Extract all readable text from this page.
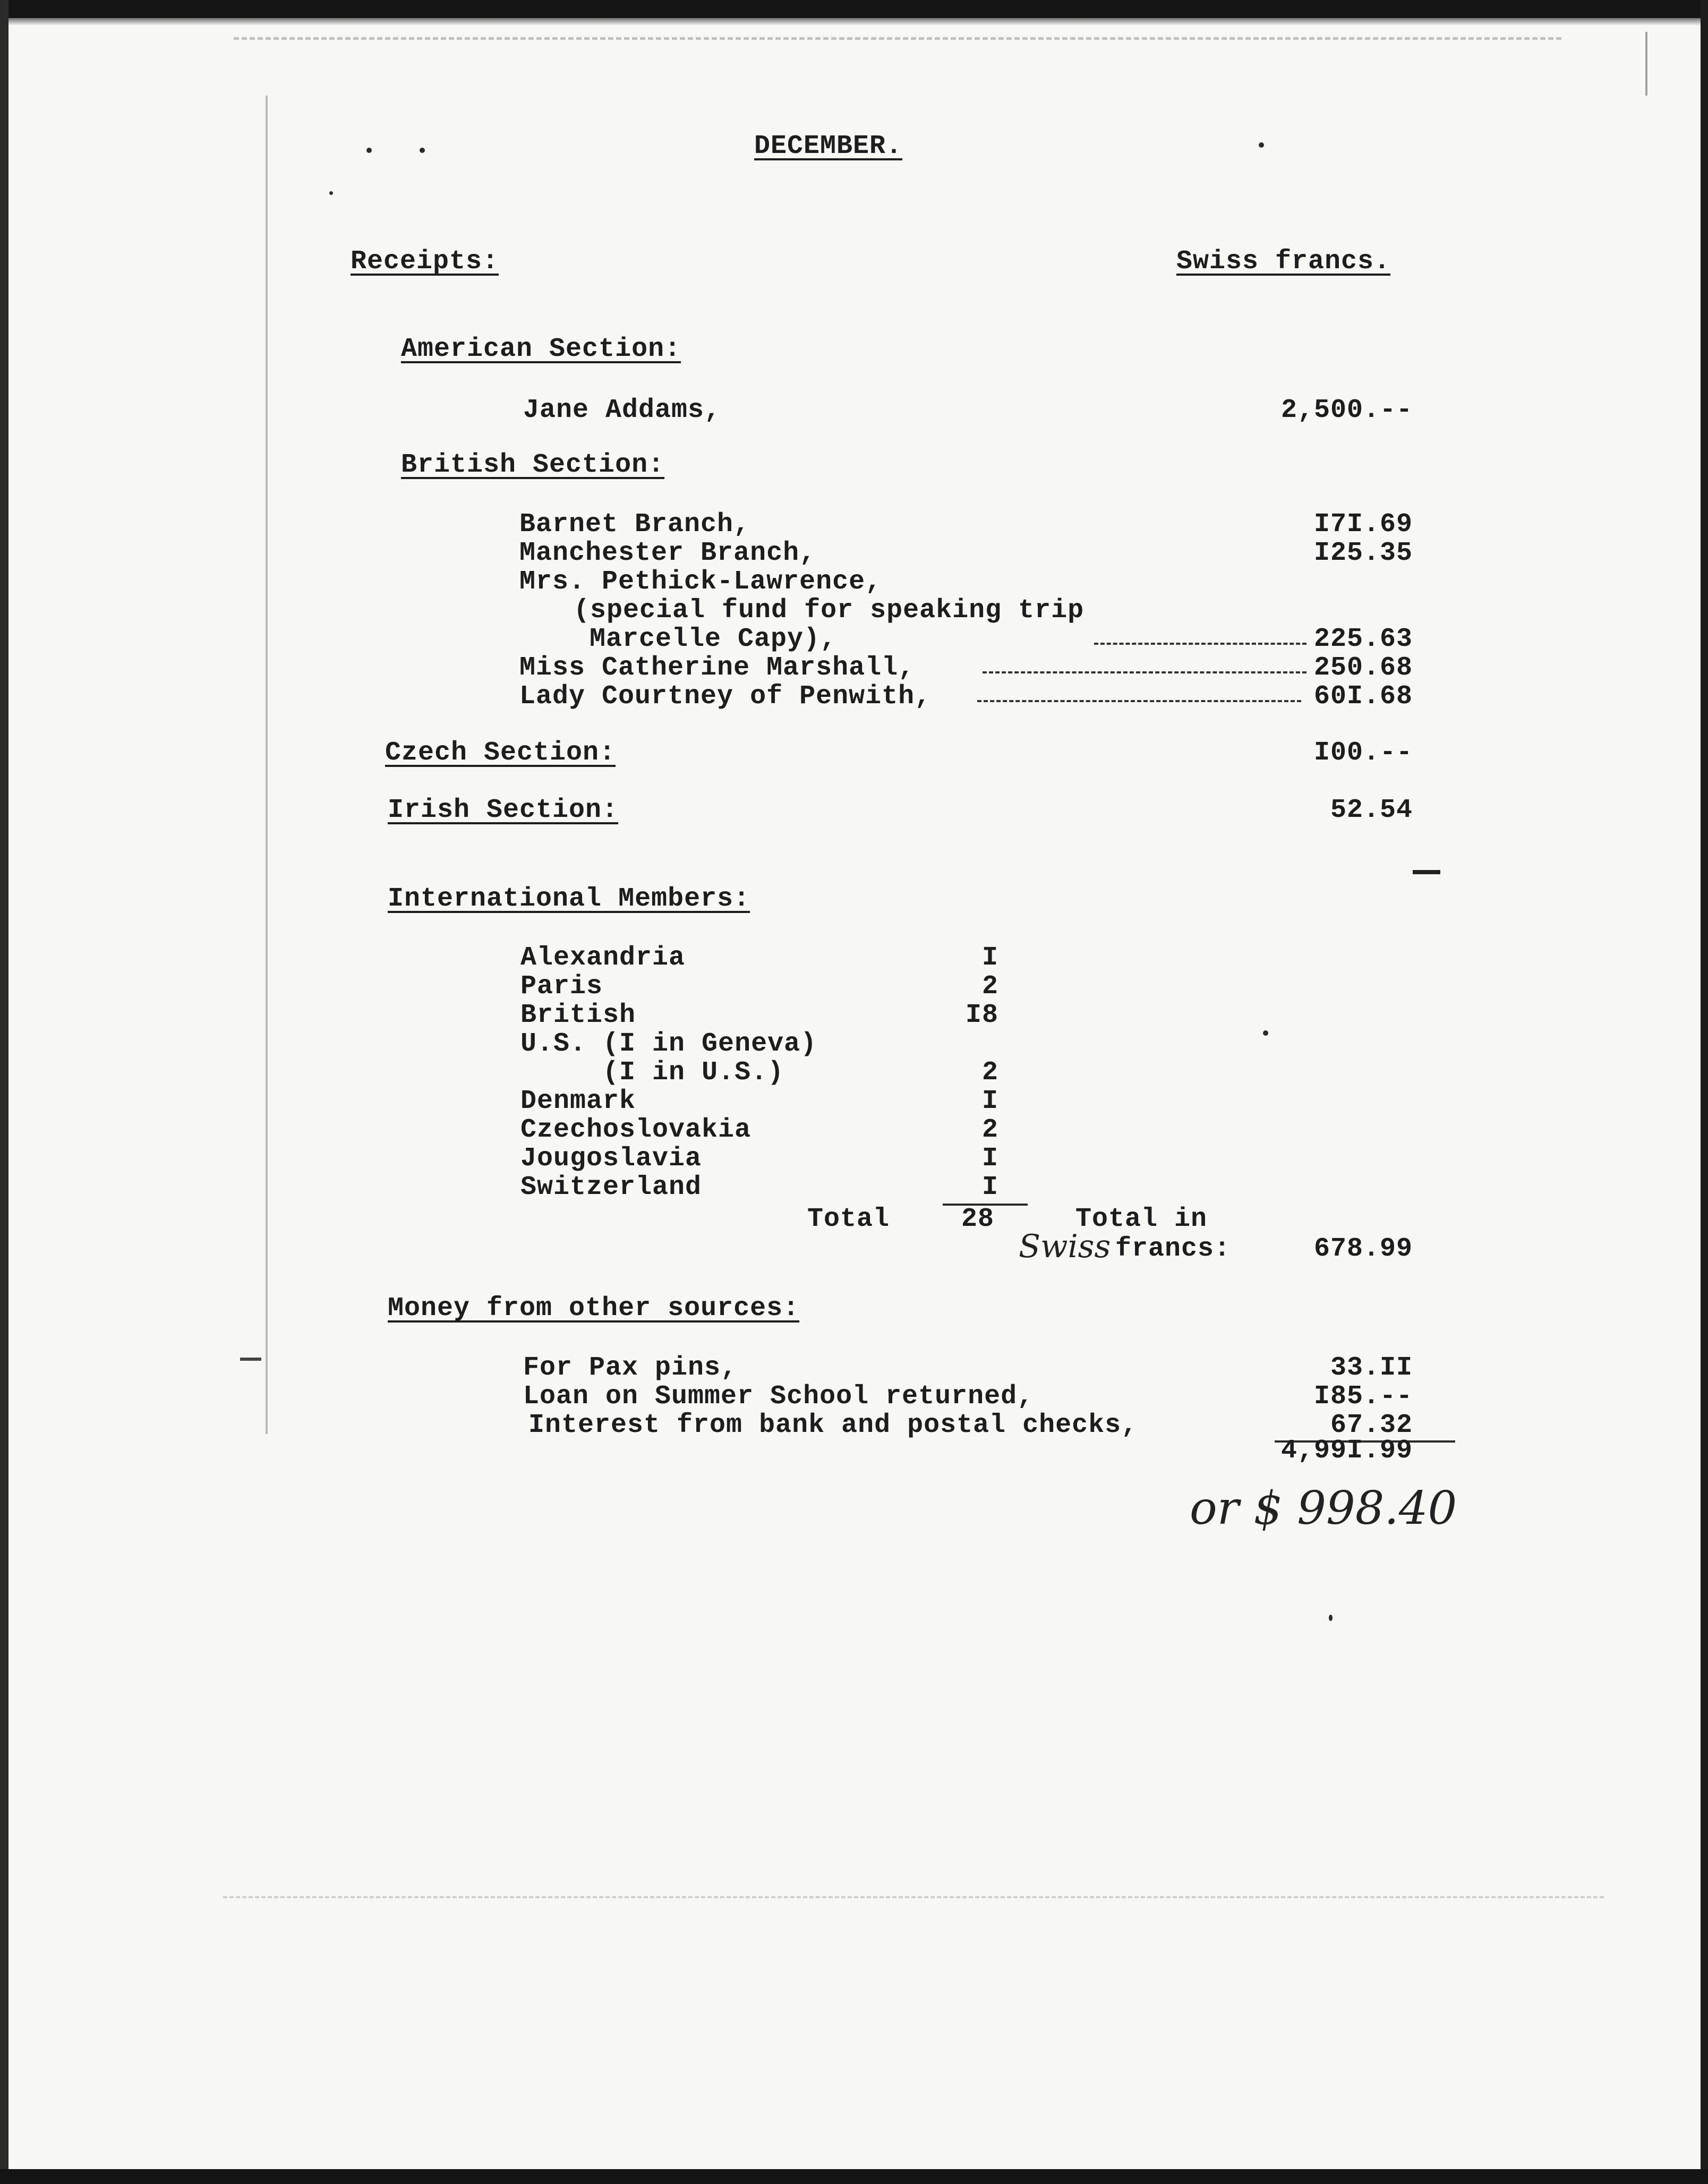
DECEMBER.
Receipts:	Swiss francs.
American Section:
Jane Addams,	2,500.--
British Section:
Barnet Branch,	I7I.69
Manchester Branch,	I25.35
Mrs. Pethick-Lawrence,
(special fund for speaking trip
Marcelle Capy),	225.63
Miss Catherine Marshall,	250.68
Lady Courtney of Penwith,	60I.68
Czech Section:	I00.--
Irish Section:	52.54
International Members:
Alexandria	I
Paris	2
British	I8
U.S. (I in Geneva)
(I in U.S.)	2
Denmark	I
Czechoslovakia	2
Jougoslavia	I
Switzerland	I
Total	28	Total in
Swiss francs:	678.99
Money from other sources:
For Pax pins,	33.II
Loan on Summer School returned,	I85.--
Interest from bank and postal checks,	67.32
4,99I.99
or $ 998.40
